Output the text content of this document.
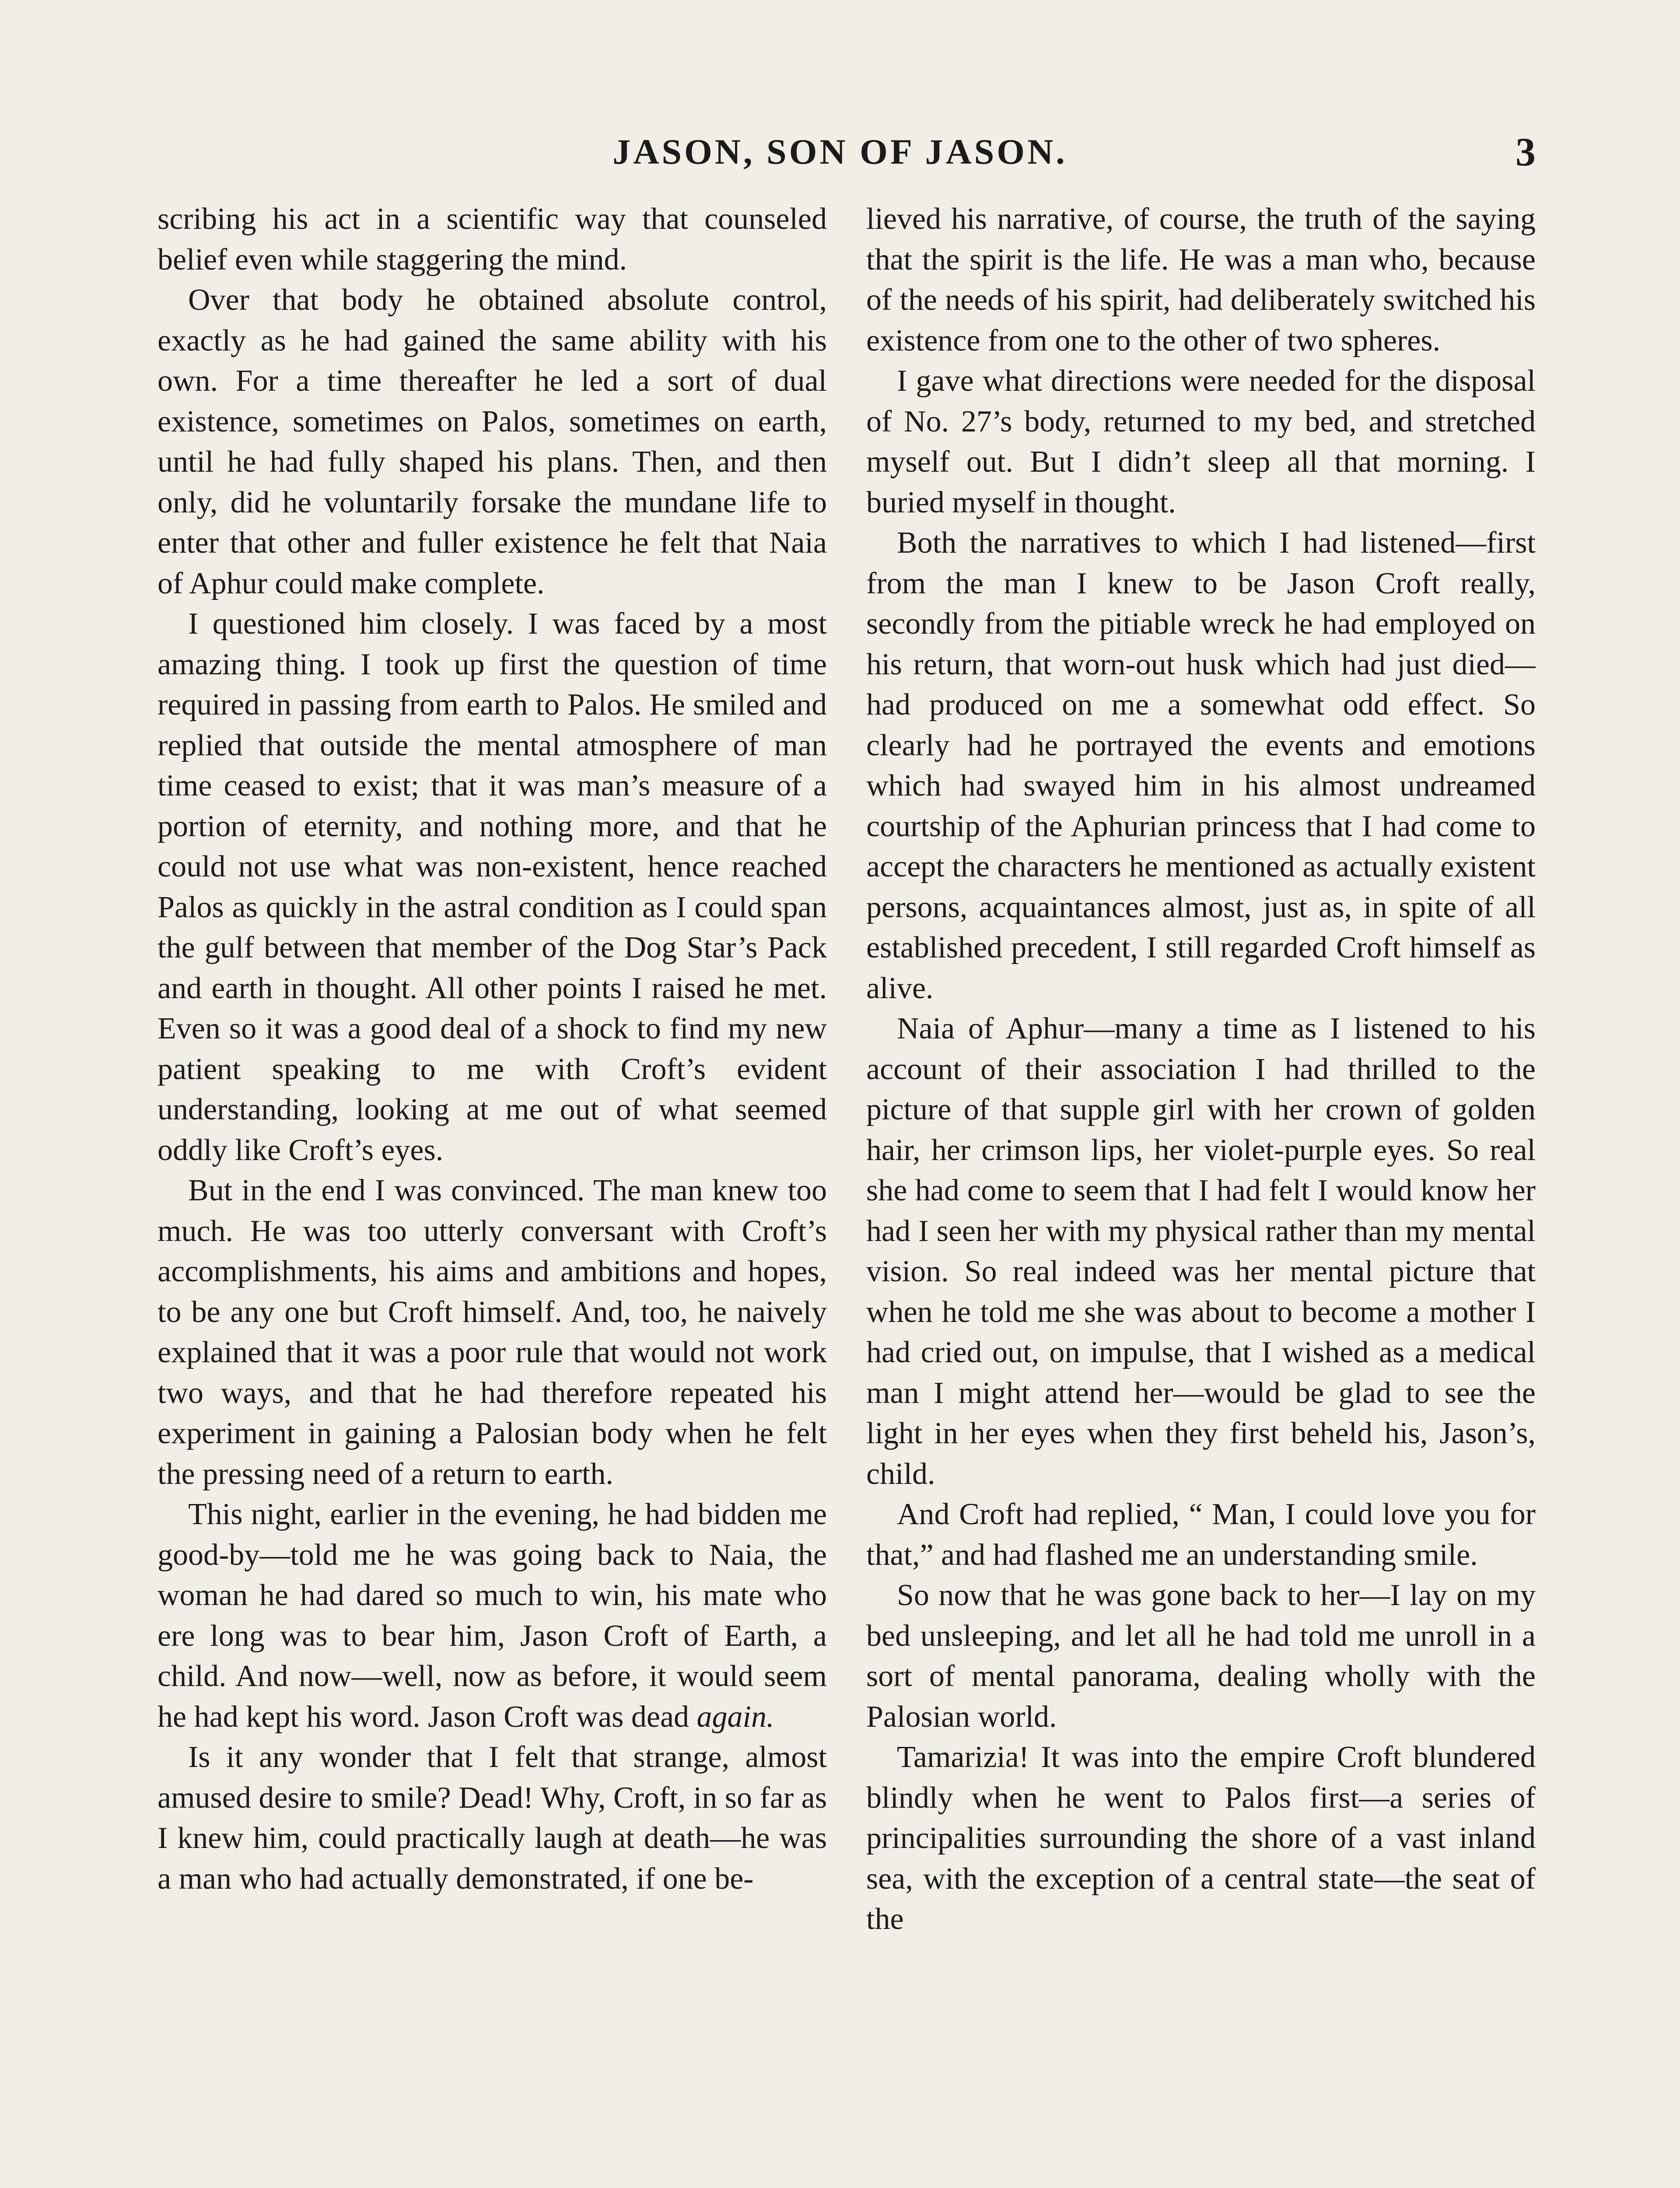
JASON, SON OF JASON.	3

scribing his act in a scientific way that counseled belief even while staggering the mind.

Over that body he obtained absolute control, exactly as he had gained the same ability with his own. For a time thereafter he led a sort of dual existence, sometimes on Palos, sometimes on earth, until he had fully shaped his plans. Then, and then only, did he voluntarily forsake the mundane life to enter that other and fuller existence he felt that Naia of Aphur could make complete.

I questioned him closely. I was faced by a most amazing thing. I took up first the question of time required in passing from earth to Palos. He smiled and replied that outside the mental atmosphere of man time ceased to exist; that it was man’s measure of a portion of eternity, and nothing more, and that he could not use what was non-existent, hence reached Palos as quickly in the astral condition as I could span the gulf between that member of the Dog Star’s Pack and earth in thought. All other points I raised he met. Even so it was a good deal of a shock to find my new patient speaking to me with Croft’s evident understanding, looking at me out of what seemed oddly like Croft’s eyes.

But in the end I was convinced. The man knew too much. He was too utterly conversant with Croft’s accomplishments, his aims and ambitions and hopes, to be any one but Croft himself. And, too, he naively explained that it was a poor rule that would not work two ways, and that he had therefore repeated his experiment in gaining a Palosian body when he felt the pressing need of a return to earth.

This night, earlier in the evening, he had bidden me good-by—told me he was going back to Naia, the woman he had dared so much to win, his mate who ere long was to bear him, Jason Croft of Earth, a child. And now—well, now as before, it would seem he had kept his word. Jason Croft was dead again.

Is it any wonder that I felt that strange, almost amused desire to smile? Dead! Why, Croft, in so far as I knew him, could practically laugh at death—he was a man who had actually demonstrated, if one be-

lieved his narrative, of course, the truth of the saying that the spirit is the life. He was a man who, because of the needs of his spirit, had deliberately switched his existence from one to the other of two spheres.

I gave what directions were needed for the disposal of No. 27’s body, returned to my bed, and stretched myself out. But I didn’t sleep all that morning. I buried myself in thought.

Both the narratives to which I had listened—first from the man I knew to be Jason Croft really, secondly from the pitiable wreck he had employed on his return, that worn-out husk which had just died—had produced on me a somewhat odd effect. So clearly had he portrayed the events and emotions which had swayed him in his almost undreamed courtship of the Aphurian princess that I had come to accept the characters he mentioned as actually existent persons, acquaintances almost, just as, in spite of all established precedent, I still regarded Croft himself as alive.

Naia of Aphur—many a time as I listened to his account of their association I had thrilled to the picture of that supple girl with her crown of golden hair, her crimson lips, her violet-purple eyes. So real she had come to seem that I had felt I would know her had I seen her with my physical rather than my mental vision. So real indeed was her mental picture that when he told me she was about to become a mother I had cried out, on impulse, that I wished as a medical man I might attend her—would be glad to see the light in her eyes when they first beheld his, Jason’s, child.

And Croft had replied, “ Man, I could love you for that,” and had flashed me an understanding smile.

So now that he was gone back to her—I lay on my bed unsleeping, and let all he had told me unroll in a sort of mental panorama, dealing wholly with the Palosian world.

Tamarizia! It was into the empire Croft blundered blindly when he went to Palos first—a series of principalities surrounding the shore of a vast inland sea, with the exception of a central state—the seat of the
